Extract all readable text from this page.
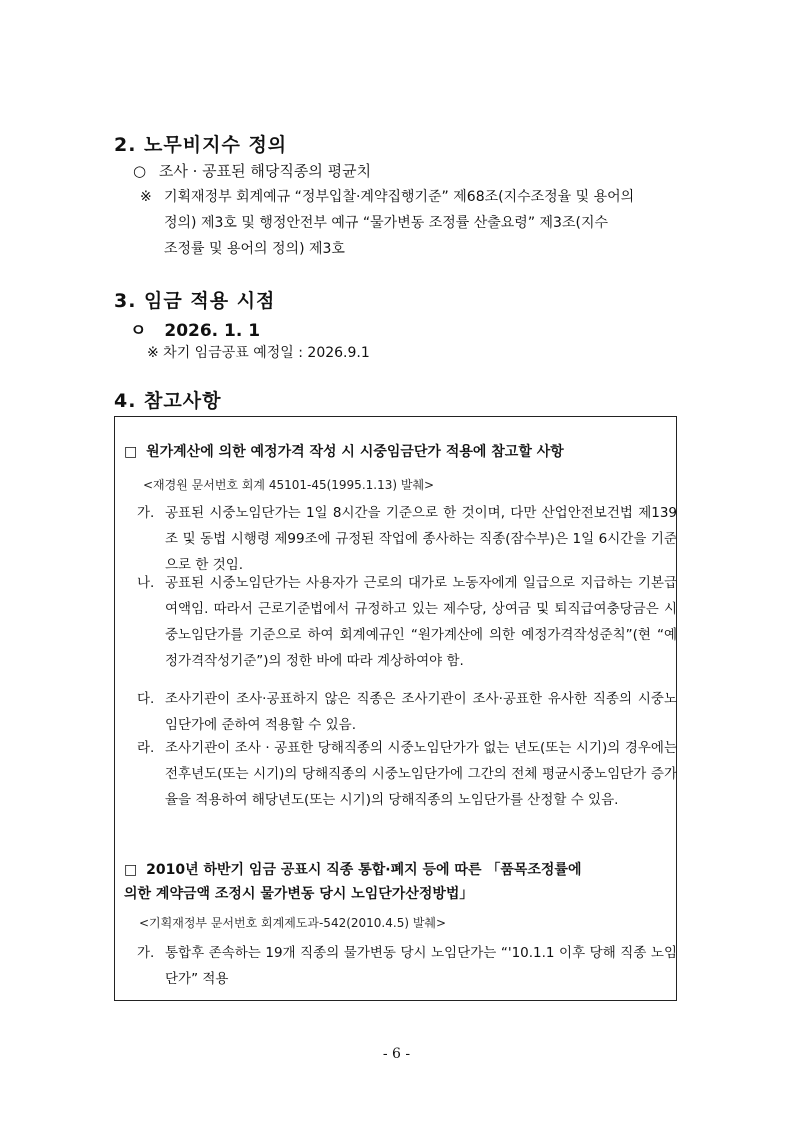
2. 노무비지수 정의
○ 조사 · 공표된 해당직종의 평균치
※ 기획재정부 회계예규 “정부입찰·계약집행기준” 제68조(지수조정율 및 용어의
정의) 제3호 및 행정안전부 예규 “물가변동 조정률 산출요령” 제3조(지수
조정률 및 용어의 정의) 제3호
3. 임금 적용 시점
ㅇ 2026. 1. 1
※ 차기 임금공표 예정일 : 2026.9.1
4. 참고사항
□ 원가계산에 의한 예정가격 작성 시 시중임금단가 적용에 참고할 사항
<재경원 문서번호 회계 45101-45(1995.1.13) 발췌>
가. 공표된 시중노임단가는 1일 8시간을 기준으로 한 것이며, 다만 산업안전보건법 제139조 및 동법 시행령 제99조에 규정된 작업에 종사하는 직종(잠수부)은 1일 6시간을 기준으로 한 것임.
나. 공표된 시중노임단가는 사용자가 근로의 대가로 노동자에게 일급으로 지급하는 기본급여액임. 따라서 근로기준법에서 규정하고 있는 제수당, 상여금 및 퇴직급여충당금은 시중노임단가를 기준으로 하여 회계예규인 “원가계산에 의한 예정가격작성준칙”(현 “예정가격작성기준”)의 정한 바에 따라 계상하여야 함.
다. 조사기관이 조사·공표하지 않은 직종은 조사기관이 조사·공표한 유사한 직종의 시중노임단가에 준하여 적용할 수 있음.
라. 조사기관이 조사 · 공표한 당해직종의 시중노임단가가 없는 년도(또는 시기)의 경우에는 전후년도(또는 시기)의 당해직종의 시중노임단가에 그간의 전체 평균시중노임단가 증가율을 적용하여 해당년도(또는 시기)의 당해직종의 노임단가를 산정할 수 있음.
□ 2010년 하반기 임금 공표시 직종 통합·폐지 등에 따른 「품목조정률에
의한 계약금액 조정시 물가변동 당시 노임단가산정방법」
<기획재정부 문서번호 회계제도과-542(2010.4.5) 발췌>
가. 통합후 존속하는 19개 직종의 물가변동 당시 노임단가는 “'10.1.1 이후 당해 직종 노임단가” 적용
- 6 -
